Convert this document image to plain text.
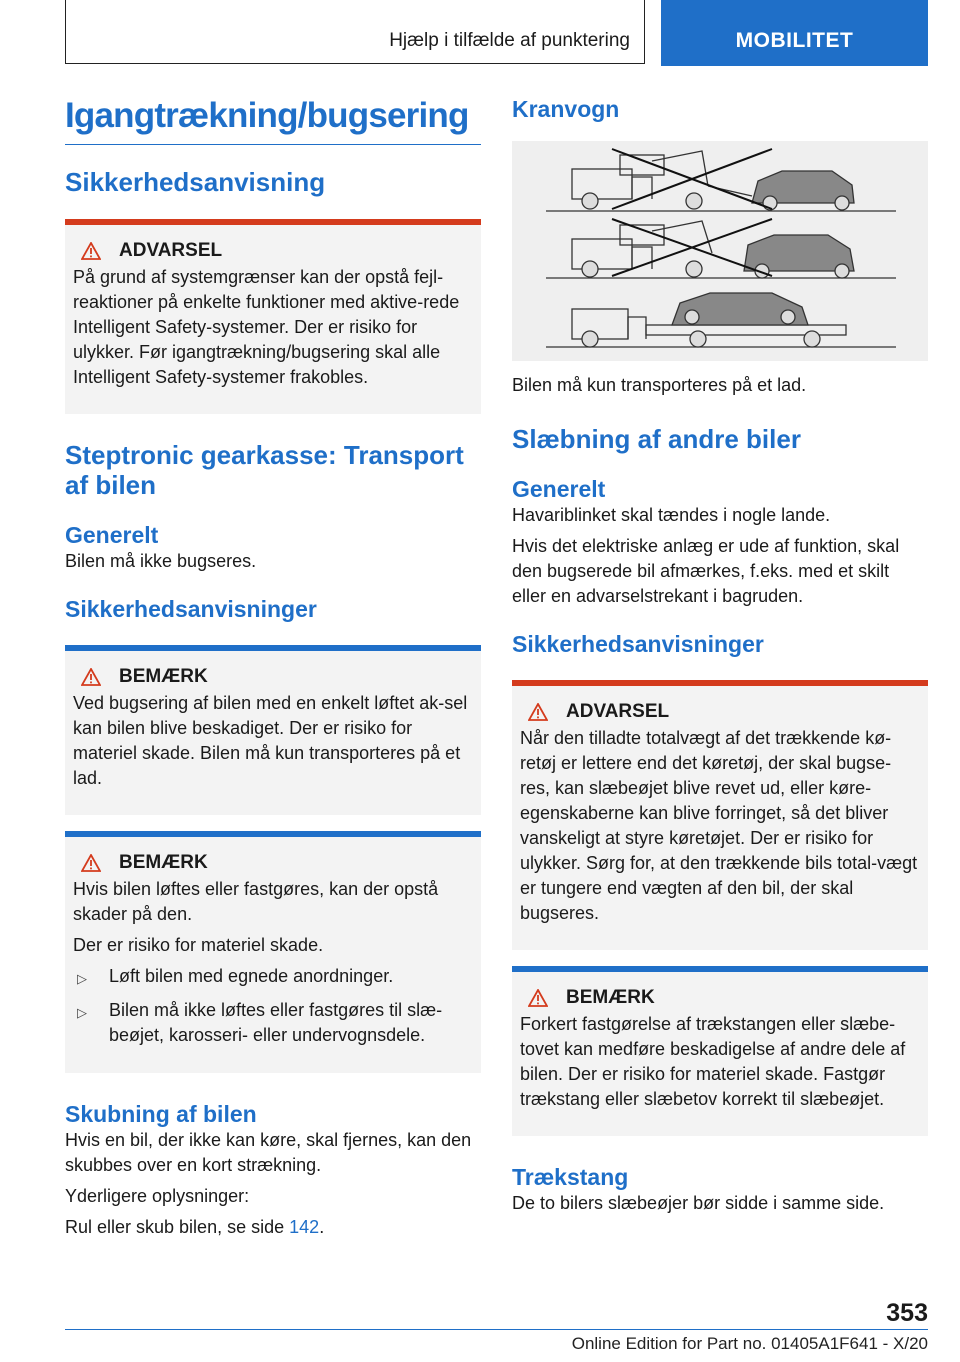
Hjælp i tilfælde af punktering	MOBILITET
Igangtrækning/bugsering
Sikkerhedsanvisning
ADVARSEL

På grund af systemgrænser kan der opstå fejl-reaktioner på enkelte funktioner med aktive-rede Intelligent Safety-systemer. Der er risiko for ulykker. Før igangtrækning/bugsering skal alle Intelligent Safety-systemer frakobles.

Steptronic gearkasse: Transport af bilen
Generelt

Bilen må ikke bugseres.

Sikkerhedsanvisninger
BEMÆRK

Ved bugsering af bilen med en enkelt løftet ak-sel kan bilen blive beskadiget. Der er risiko for materiel skade. Bilen må kun transporteres på et lad.

BEMÆRK

Hvis bilen løftes eller fastgøres, kan der opstå skader på den.

Der er risiko for materiel skade.

▷	Løft bilen med egnede anordninger.
▷	Bilen må ikke løftes eller fastgøres til slæ-beøjet, karosseri- eller undervognsdele.
Skubning af bilen

Hvis en bil, der ikke kan køre, skal fjernes, kan den skubbes over en kort strækning.

Yderligere oplysninger:

Rul eller skub bilen, se side 142.

Kranvogn

Bilen må kun transporteres på et lad.

Slæbning af andre biler
Generelt

Havariblinket skal tændes i nogle lande.

Hvis det elektriske anlæg er ude af funktion, skal den bugserede bil afmærkes, f.eks. med et skilt eller en advarselstrekant i bagruden.

Sikkerhedsanvisninger
ADVARSEL

Når den tilladte totalvægt af det trækkende kø-retøj er lettere end det køretøj, der skal bugse-res, kan slæbeøjet blive revet ud, eller køre-egenskaberne kan blive forringet, så det bliver vanskeligt at styre køretøjet. Der er risiko for ulykker. Sørg for, at den trækkende bils total-vægt er tungere end vægten af den bil, der skal bugseres.

BEMÆRK

Forkert fastgørelse af trækstangen eller slæbe-tovet kan medføre beskadigelse af andre dele af bilen. Der er risiko for materiel skade. Fastgør trækstang eller slæbetov korrekt til slæbeøjet.

Trækstang

De to bilers slæbeøjer bør sidde i samme side.

353
Online Edition for Part no. 01405A1F641 - X/20
